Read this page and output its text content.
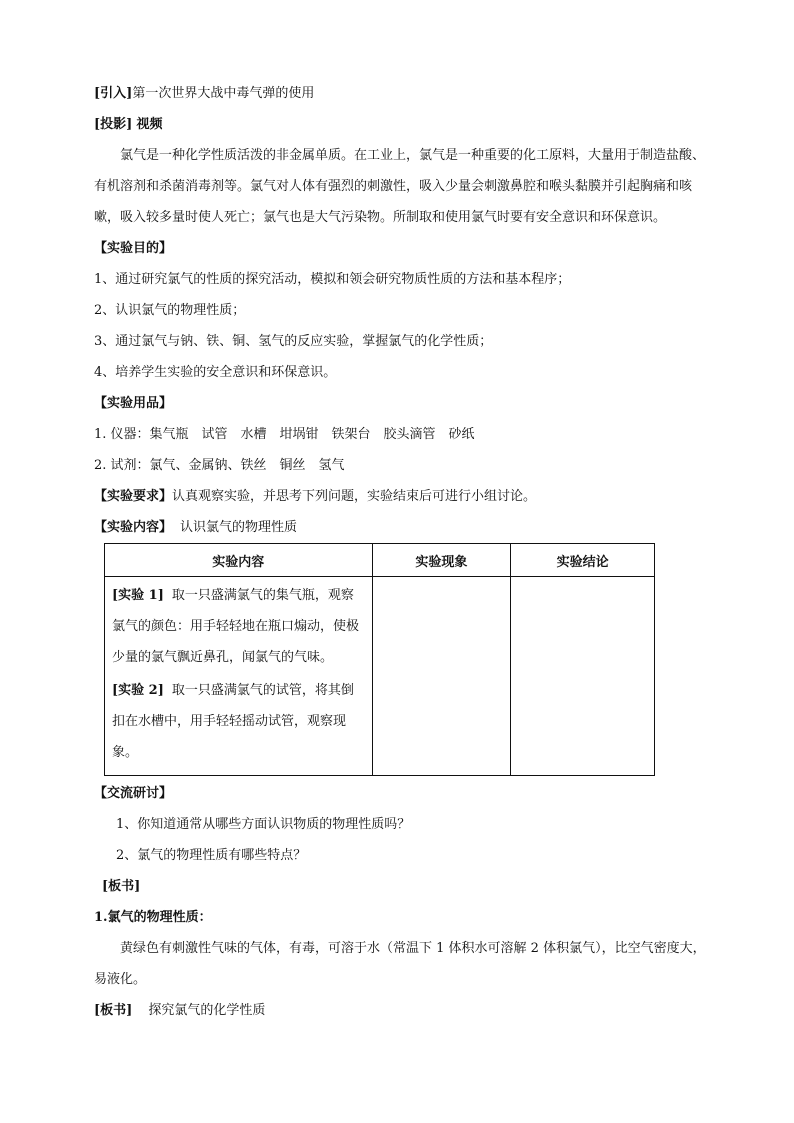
[引入]第一次世界大战中毒气弹的使用
[投影] 视频

氯气是一种化学性质活泼的非金属单质。在工业上，氯气是一种重要的化工原料，大量用于制造盐酸、有机溶剂和杀菌消毒剂等。氯气对人体有强烈的刺激性，吸入少量会刺激鼻腔和喉头黏膜并引起胸痛和咳嗽，吸入较多量时使人死亡；氯气也是大气污染物。所制取和使用氯气时要有安全意识和环保意识。

【实验目的】
1、通过研究氯气的性质的探究活动，模拟和领会研究物质性质的方法和基本程序；
2、认识氯气的物理性质；
3、通过氯气与钠、铁、铜、氢气的反应实验，掌握氯气的化学性质；
4、培养学生实验的安全意识和环保意识。
【实验用品】
1. 仪器：集气瓶　试管　水槽　坩埚钳　铁架台　胶头滴管　砂纸
2. 试剂：氯气、金属钠、铁丝　铜丝　氢气
【实验要求】认真观察实验，并思考下列问题，实验结束后可进行小组讨论。
【实验内容】 认识氯气的物理性质
实验内容	实验现象	实验结论

[实验 1] 取一只盛满氯气的集气瓶，观察氯气的颜色：用手轻轻地在瓶口煽动，使极少量的氯气飘近鼻孔，闻氯气的气味。
[实验 2] 取一只盛满氯气的试管，将其倒扣在水槽中，用手轻轻摇动试管，观察现象。		

【交流研讨】
1、你知道通常从哪些方面认识物质的物理性质吗？
2、氯气的物理性质有哪些特点？
[板书]
1.氯气的物理性质：

黄绿色有刺激性气味的气体，有毒，可溶于水（常温下 1 体积水可溶解 2 体积氯气），比空气密度大，易液化。

[板书] 探究氯气的化学性质
